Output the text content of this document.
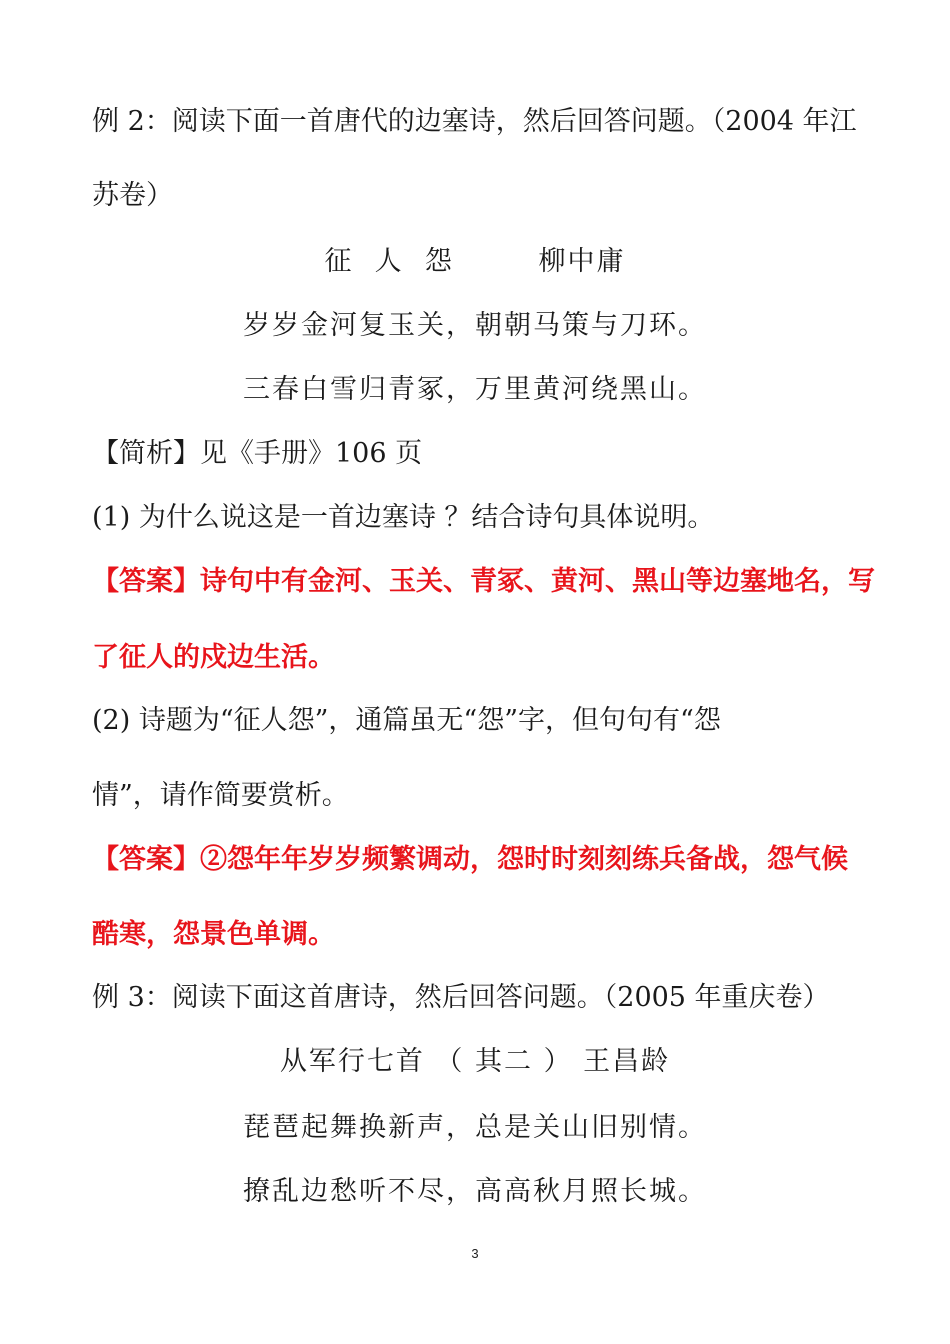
例 2：阅读下面一首唐代的边塞诗，然后回答问题。（2004 年江
苏卷）
征  人  怨        柳中庸
岁岁金河复玉关，朝朝马策与刀环。
三春白雪归青冢，万里黄河绕黑山。
【简析】见《手册》106 页
(1) 为什么说这是一首边塞诗 ？结合诗句具体说明。
【答案】诗句中有金河、玉关、青冢、黄河、黑山等边塞地名，写
了征人的戍边生活。
(2) 诗题为“征人怨”，通篇虽无“怨”字，但句句有“怨
情”，请作简要赏析。
【答案】②怨年年岁岁频繁调动，怨时时刻刻练兵备战，怨气候
酷寒，怨景色单调。
例 3：阅读下面这首唐诗，然后回答问题。（2005 年重庆卷）
从军行七首 （ 其二 ） 王昌龄
琵琶起舞换新声，总是关山旧别情。
撩乱边愁听不尽，高高秋月照长城。
3
